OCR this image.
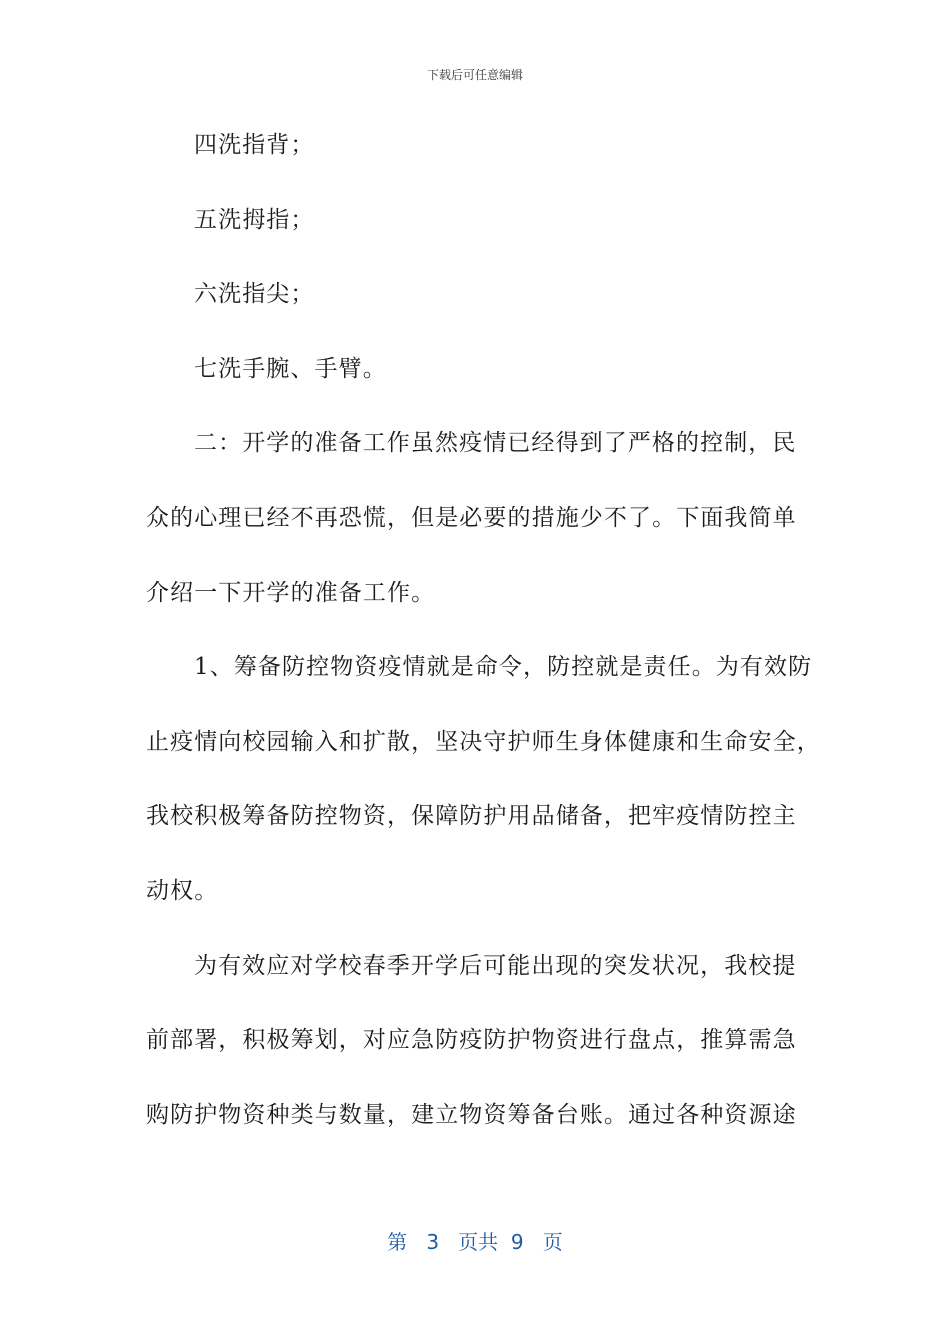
下载后可任意编辑
四洗指背；
五洗拇指；
六洗指尖；
七洗手腕、手臂。
二：开学的准备工作虽然疫情已经得到了严格的控制，民
众的心理已经不再恐慌，但是必要的措施少不了。下面我简单
介绍一下开学的准备工作。
1、筹备防控物资疫情就是命令，防控就是责任。为有效防
止疫情向校园输入和扩散，坚决守护师生身体健康和生命安全，
我校积极筹备防控物资，保障防护用品储备，把牢疫情防控主
动权。
为有效应对学校春季开学后可能出现的突发状况，我校提
前部署，积极筹划，对应急防疫防护物资进行盘点，推算需急
购防护物资种类与数量，建立物资筹备台账。通过各种资源途
第 3 页共 9 页
